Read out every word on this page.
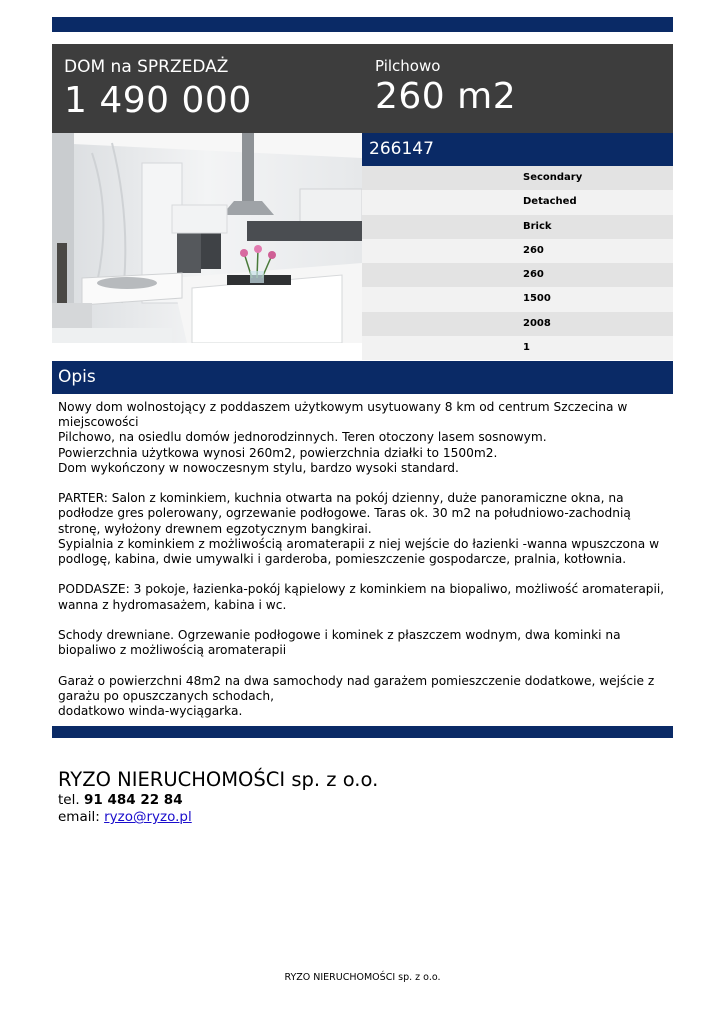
DOM na SPRZEDAŻ
1 490 000
Pilchowo
260 m2
266147
Secondary
Detached
Brick
260
260
1500
2008
1
Opis

Nowy dom wolnostojący z poddaszem użytkowym usytuowany 8 km od centrum Szczecina w

miejscowości

Pilchowo, na osiedlu domów jednorodzinnych. Teren otoczony lasem sosnowym.

Powierzchnia użytkowa wynosi 260m2, powierzchnia działki to 1500m2.

Dom wykończony w nowoczesnym stylu, bardzo wysoki standard.

PARTER: Salon z kominkiem, kuchnia otwarta na pokój dzienny, duże panoramiczne okna, na

podłodze gres polerowany, ogrzewanie podłogowe. Taras ok. 30 m2 na południowo-zachodnią

stronę, wyłożony drewnem egzotycznym bangkirai.

Sypialnia z kominkiem z możliwością aromaterapii z niej wejście do łazienki -wanna wpuszczona w

podlogę, kabina, dwie umywalki i garderoba, pomieszczenie gospodarcze, pralnia, kotłownia.

PODDASZE: 3 pokoje, łazienka-pokój kąpielowy z kominkiem na biopaliwo, możliwość aromaterapii,

wanna z hydromasażem, kabina i wc.

Schody drewniane. Ogrzewanie podłogowe i kominek z płaszczem wodnym, dwa kominki na

biopaliwo z możliwością aromaterapii

Garaż o powierzchni 48m2 na dwa samochody nad garażem pomieszczenie dodatkowe, wejście z

garażu po opuszczanych schodach,

dodatkowo winda-wyciągarka.

RYZO NIERUCHOMOŚCI sp. z o.o.
tel. 91 484 22 84
email: ryzo@ryzo.pl
RYZO NIERUCHOMOŚCI sp. z o.o.
